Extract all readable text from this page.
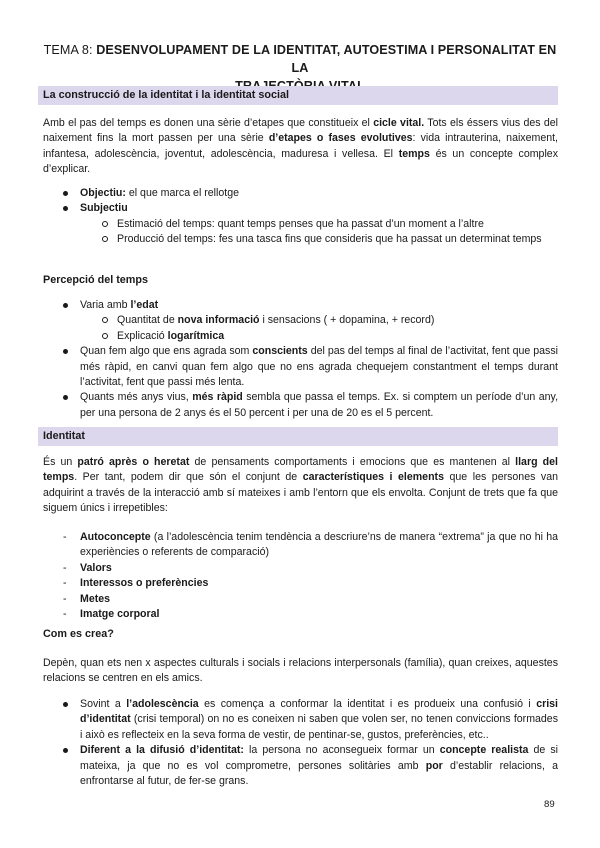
TEMA 8: DESENVOLUPAMENT DE LA IDENTITAT, AUTOESTIMA I PERSONALITAT EN LA

La construcció de la identitat i la identitat social
Amb el pas del temps es donen una sèrie d’etapes que constitueix el cicle vital. Tots els éssers vius des del naixement fins la mort passen per una sèrie d’etapes o fases evolutives: vida intrauterina, naixement, infantesa, adolescència, joventut, adolescència, maduresa i vellesa. El temps és un concepte complex d’explicar.
Objectiu: el que marca el rellotge
Subjectiu
Estimació del temps: quant temps penses que ha passat d’un moment a l’altre
Producció del temps: fes una tasca fins que consideris que ha passat un determinat temps
Percepció del temps
Varia amb l’edat
Quantitat de nova informació i sensacions ( + dopamina, + record)
Explicació logarítmica
Quan fem algo que ens agrada som conscients del pas del temps al final de l’activitat, fent que passi més ràpid, en canvi quan fem algo que no ens agrada chequejem constantment el temps durant l’activitat, fent que passi més lenta.
Quants més anys vius, més ràpid sembla que passa el temps. Ex. si comptem un període d’un any, per una persona de 2 anys és el 50 percent i per una de 20 es el 5 percent.
Identitat
És un patró après o heretat de pensaments comportaments i emocions que es mantenen al llarg del temps. Per tant, podem dir que són el conjunt de característiques i elements que les persones van adquirint a través de la interacció amb sí mateixes i amb l’entorn que els envolta. Conjunt de trets que fa que siguem únics i irrepetibles:
- Autoconcepte (a l’adolescència tenim tendència a descriure’ns de manera “extrema” ja que no hi ha experiències o referents de comparació)
- Valors
- Interessos o preferències
- Metes
- Imatge corporal
Com es crea?
Depèn, quan ets nen x aspectes culturals i socials i relacions interpersonals (família), quan creixes, aquestes relacions se centren en els amics.
Sovint a l’adolescència es comença a conformar la identitat i es produeix una confusió i crisi d’identitat (crisi temporal) on no es coneixen ni saben que volen ser, no tenen conviccions formades i això es reflecteix en la seva forma de vestir, de pentinar-se, gustos, preferències, etc..
Diferent a la difusió d’identitat: la persona no aconsegueix formar un concepte realista de si mateixa, ja que no es vol comprometre, persones solitàries amb por d’establir relacions, a enfrontarse al futur, de fer-se grans.
89
